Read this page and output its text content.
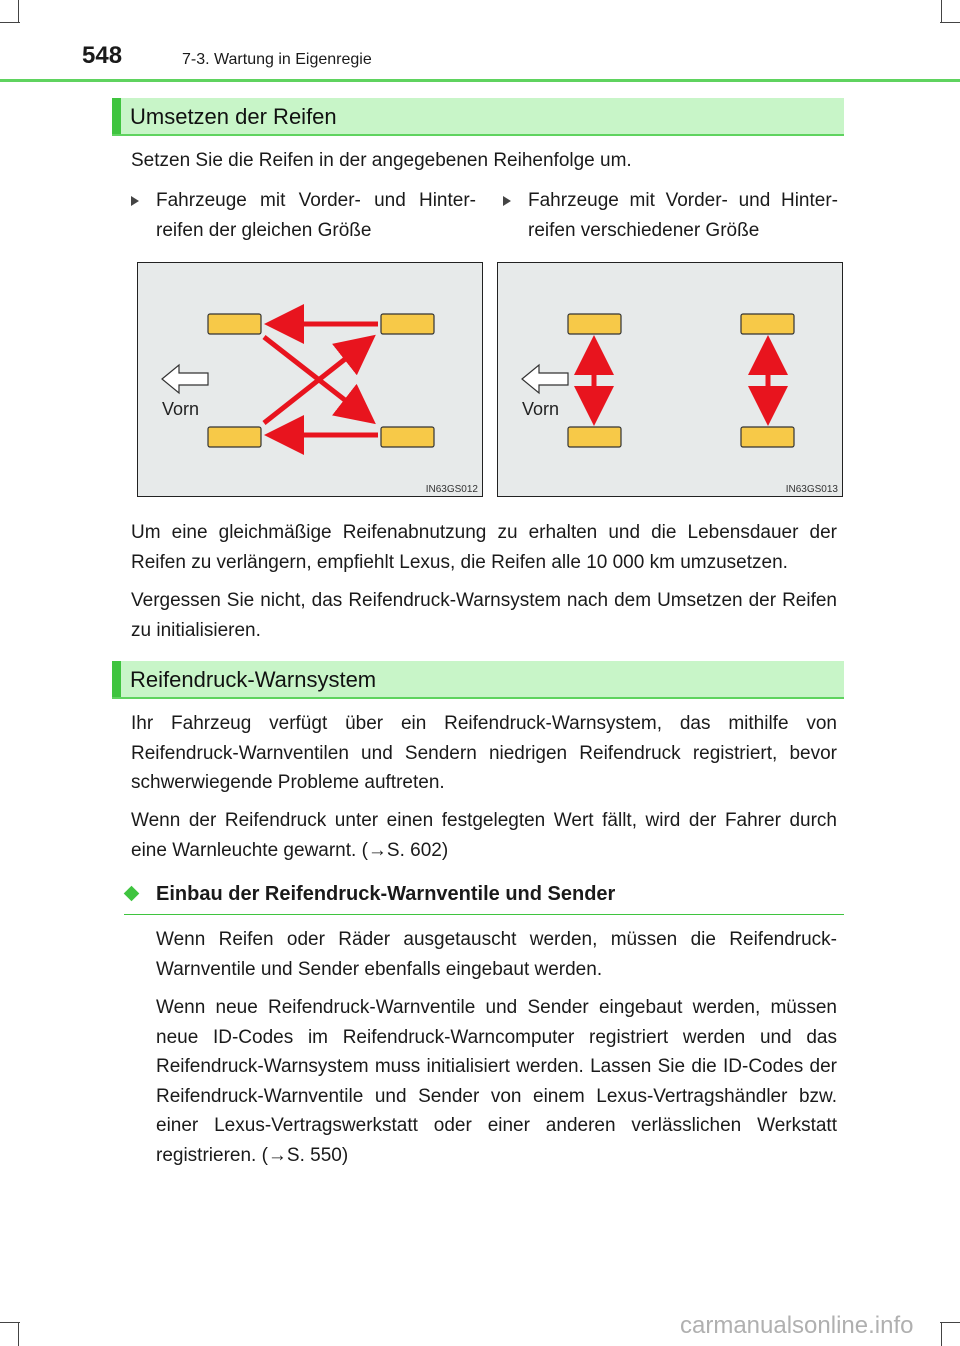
548	7-3. Wartung in Eigenregie
Umsetzen der Reifen

Setzen Sie die Reifen in der angegebenen Reihenfolge um.

Fahrzeuge mit Vorder- und Hinter-
reifen der gleichen Größe
Fahrzeuge mit Vorder- und Hinter-
reifen verschiedener Größe
Vorn
IN63GS012
Vorn
IN63GS013

Um eine gleichmäßige Reifenabnutzung zu erhalten und die Lebensdauer der Reifen zu verlängern, empfiehlt Lexus, die Reifen alle 10 000 km umzusetzen.

Vergessen Sie nicht, das Reifendruck-Warnsystem nach dem Umsetzen der Reifen zu initialisieren.

Reifendruck-Warnsystem

Ihr Fahrzeug verfügt über ein Reifendruck-Warnsystem, das mithilfe von Reifendruck-Warnventilen und Sendern niedrigen Reifendruck registriert, bevor schwerwiegende Probleme auftreten.

Wenn der Reifendruck unter einen festgelegten Wert fällt, wird der Fahrer durch eine Warnleuchte gewarnt. (→S. 602)

Einbau der Reifendruck-Warnventile und Sender

Wenn Reifen oder Räder ausgetauscht werden, müssen die Reifendruck-Warnventile und Sender ebenfalls eingebaut werden.

Wenn neue Reifendruck-Warnventile und Sender eingebaut werden, müssen neue ID-Codes im Reifendruck-Warncomputer registriert werden und das Reifendruck-Warnsystem muss initialisiert werden. Lassen Sie die ID-Codes der Reifendruck-Warnventile und Sender von einem Lexus-Vertragshändler bzw. einer Lexus-Vertragswerkstatt oder einer anderen verlässlichen Werkstatt registrieren. (→S. 550)

carmanualsonline.info
